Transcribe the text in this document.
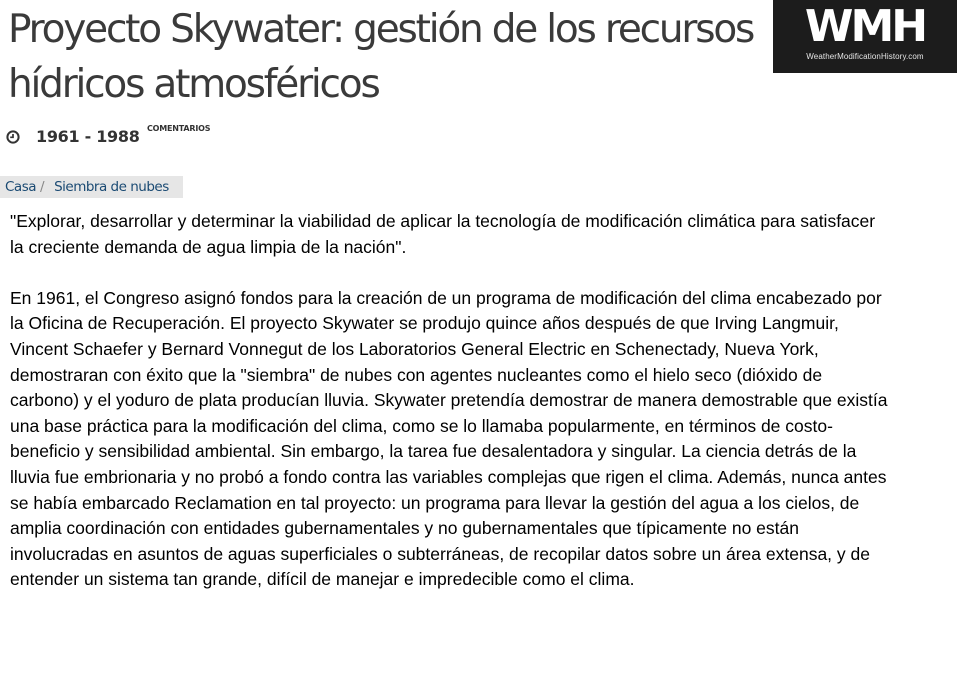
Proyecto Skywater: gestión de los recursos hídricos atmosféricos
WMH
WeatherModificationHistory.com
1961 - 1988 COMENTARIOS
Casa / Siembra de nubes

"Explorar, desarrollar y determinar la viabilidad de aplicar la tecnología de modificación climática para satisfacer la creciente demanda de agua limpia de la nación".

En 1961, el Congreso asignó fondos para la creación de un programa de modificación del clima encabezado por la Oficina de Recuperación. El proyecto Skywater se produjo quince años después de que Irving Langmuir, Vincent Schaefer y Bernard Vonnegut de los Laboratorios General Electric en Schenectady, Nueva York, demostraran con éxito que la "siembra" de nubes con agentes nucleantes como el hielo seco (dióxido de carbono) y el yoduro de plata producían lluvia. Skywater pretendía demostrar de manera demostrable que existía una base práctica para la modificación del clima, como se lo llamaba popularmente, en términos de costo-beneficio y sensibilidad ambiental. Sin embargo, la tarea fue desalentadora y singular. La ciencia detrás de la lluvia fue embrionaria y no probó a fondo contra las variables complejas que rigen el clima. Además, nunca antes se había embarcado Reclamation en tal proyecto: un programa para llevar la gestión del agua a los cielos, de amplia coordinación con entidades gubernamentales y no gubernamentales que típicamente no están involucradas en asuntos de aguas superficiales o subterráneas, de recopilar datos sobre un área extensa, y de entender un sistema tan grande, difícil de manejar e impredecible como el clima.
